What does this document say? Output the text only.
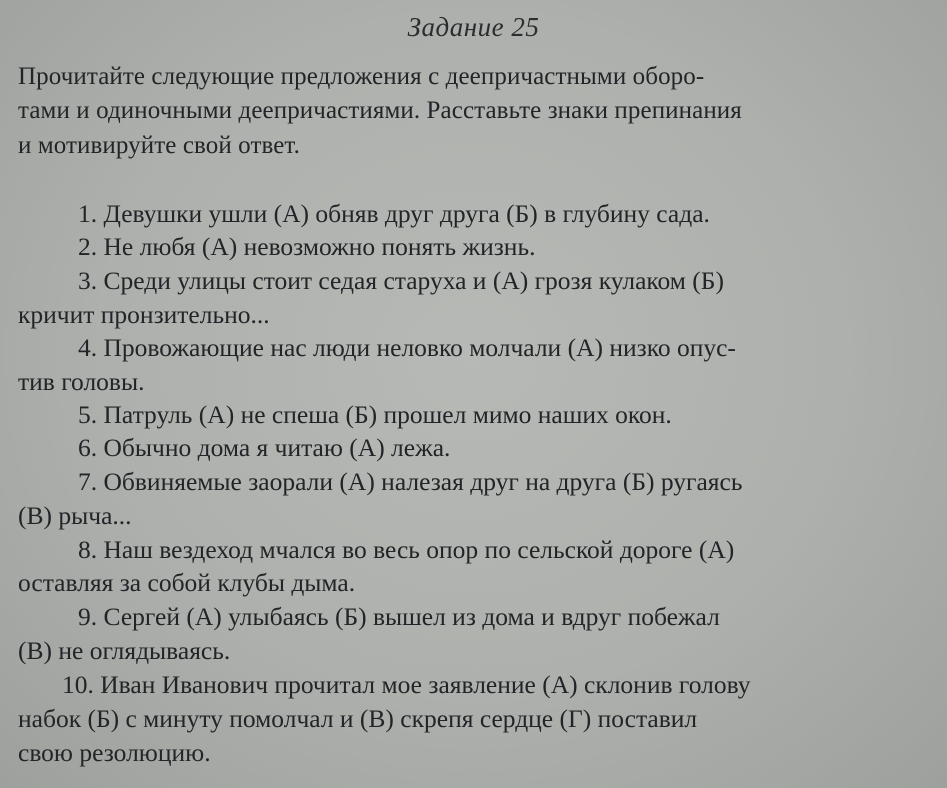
Задание 25
Прочитайте следующие предложения с деепричастными оборо-
тами и одиночными деепричастиями. Расставьте знаки препинания
и мотивируйте свой ответ.
1. Девушки ушли (А) обняв друг друга (Б) в глубину сада.
2. Не любя (А) невозможно понять жизнь.
3. Среди улицы стоит седая старуха и (А) грозя кулаком (Б)
кричит пронзительно...
4. Провожающие нас люди неловко молчали (А) низко опус-
тив головы.
5. Патруль (А) не спеша (Б) прошел мимо наших окон.
6. Обычно дома я читаю (А) лежа.
7. Обвиняемые заорали (А) налезая друг на друга (Б) ругаясь
(В) рыча...
8. Наш вездеход мчался во весь опор по сельской дороге (А)
оставляя за собой клубы дыма.
9. Сергей (А) улыбаясь (Б) вышел из дома и вдруг побежал
(В) не оглядываясь.
10. Иван Иванович прочитал мое заявление (А) склонив голову
набок (Б) с минуту помолчал и (В) скрепя сердце (Г) поставил
свою резолюцию.
